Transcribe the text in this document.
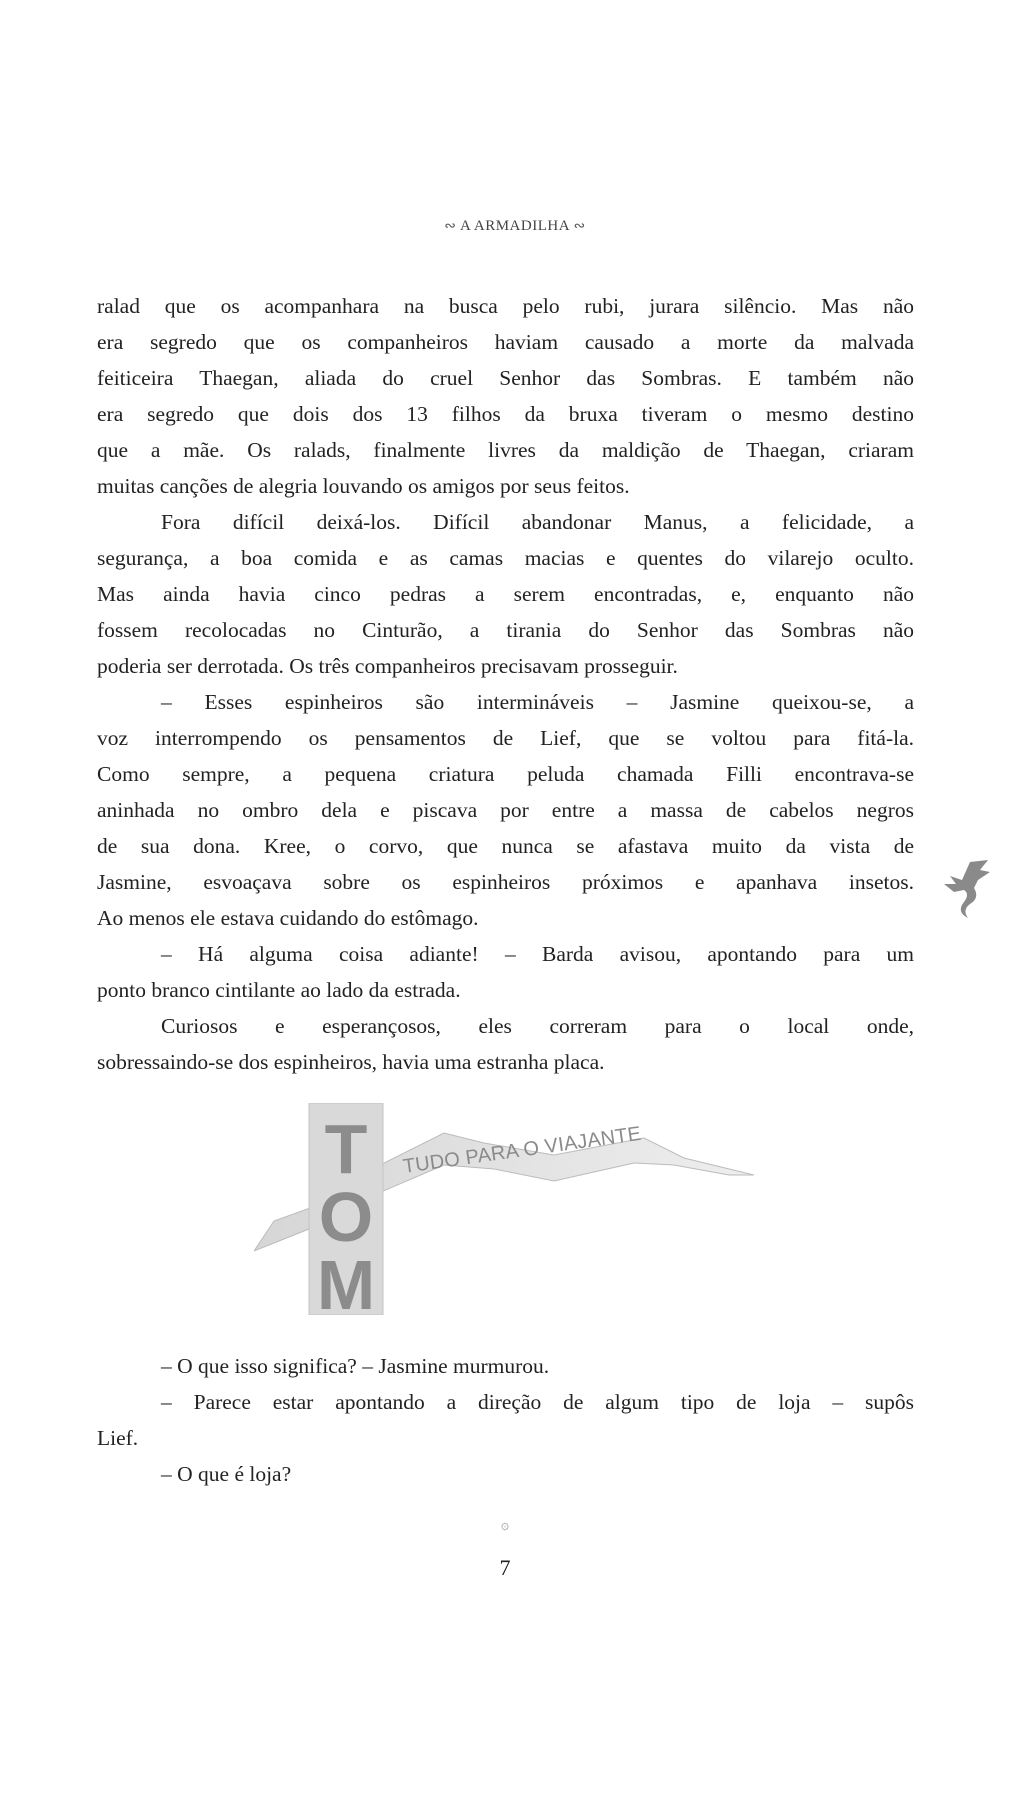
∾ A ARMADILHA ∾
ralad que os acompanhara na busca pelo rubi, jurara silêncio. Mas não
era segredo que os companheiros haviam causado a morte da malvada
feiticeira Thaegan, aliada do cruel Senhor das Sombras. E também não
era segredo que dois dos 13 filhos da bruxa tiveram o mesmo destino
que a mãe. Os ralads, finalmente livres da maldição de Thaegan, criaram
muitas canções de alegria louvando os amigos por seus feitos.
Fora difícil deixá-los. Difícil abandonar Manus, a felicidade, a
segurança, a boa comida e as camas macias e quentes do vilarejo oculto.
Mas ainda havia cinco pedras a serem encontradas, e, enquanto não
fossem recolocadas no Cinturão, a tirania do Senhor das Sombras não
poderia ser derrotada. Os três companheiros precisavam prosseguir.
– Esses espinheiros são intermináveis – Jasmine queixou-se, a
voz interrompendo os pensamentos de Lief, que se voltou para fitá-la.
Como sempre, a pequena criatura peluda chamada Filli encontrava-se
aninhada no ombro dela e piscava por entre a massa de cabelos negros
de sua dona. Kree, o corvo, que nunca se afastava muito da vista de
Jasmine, esvoaçava sobre os espinheiros próximos e apanhava insetos.
Ao menos ele estava cuidando do estômago.
– Há alguma coisa adiante! – Barda avisou, apontando para um
ponto branco cintilante ao lado da estrada.
Curiosos e esperançosos, eles correram para o local onde,
sobressaindo-se dos espinheiros, havia uma estranha placa.
T
O
M
TUDO PARA O VIAJANTE
– O que isso significa? – Jasmine murmurou.
– Parece estar apontando a direção de algum tipo de loja – supôs
Lief.
– O que é loja?
۞
7
